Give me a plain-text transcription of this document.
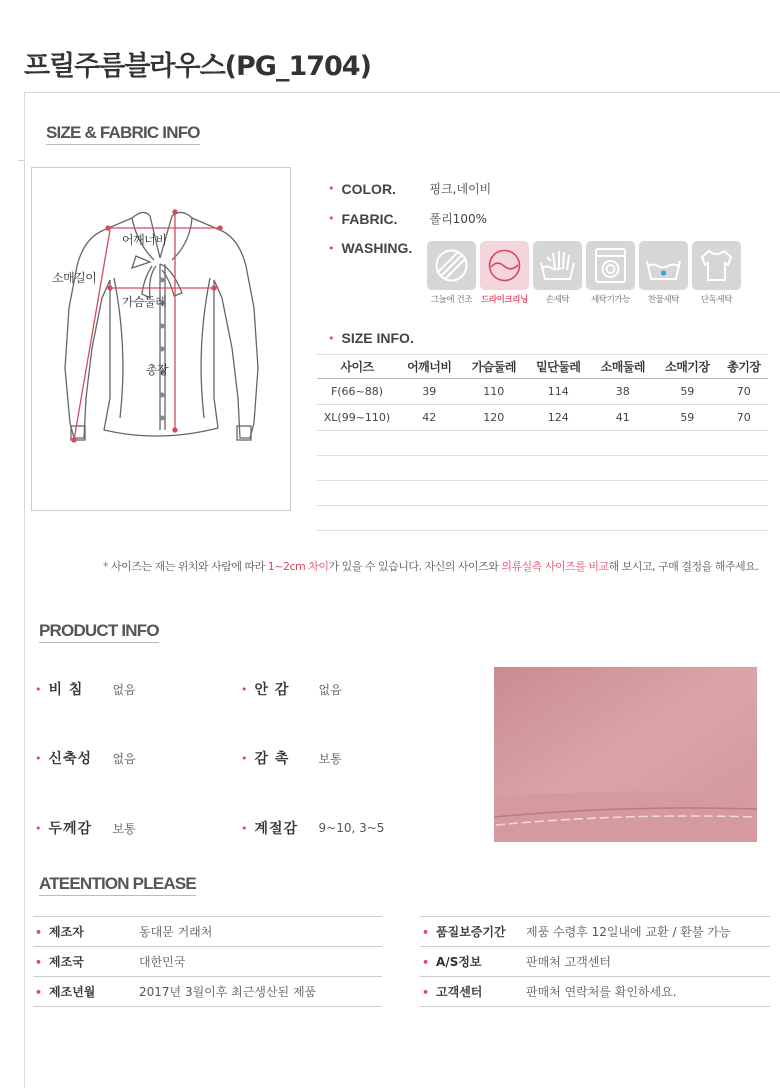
프릴주름블라우스(PG_1704)
SIZE & FABRIC INFO
어깨너비
소매길이
가슴둘레
총장
• COLOR.	핑크,네이비
• FABRIC.	폴리100%
• WASHING.
그늘에 건조	드라이크리닝	손세탁	세탁기가능	찬물세탁	단독세탁
• SIZE INFO.
사이즈	어깨너비	가슴둘레	밑단둘레	소매둘레	소매기장	총기장
F(66~88)	39	110	114	38	59	70
XL(99~110)	42	120	124	41	59	70

* 사이즈는 재는 위치와 사람에 따라 1~2cm 차이가 있을 수 있습니다. 자신의 사이즈와 의류실측 사이즈를 비교해 보시고, 구매 결정을 해주세요.
PRODUCT INFO
• 비 침	없음	• 안 감	없음
• 신축성	없음	• 감 촉	보통
• 두께감	보통	• 계절감	9~10, 3~5
ATEENTION PLEASE
• 제조자	동대문 거래처
• 제조국	대한민국
• 제조년월	2017년 3월이후 최근생산된 제품
• 품질보증기간	제품 수령후 12일내에 교환 / 환불 가능
• A/S정보	판매처 고객센터
• 고객센터	판매처 연락처를 확인하세요.
